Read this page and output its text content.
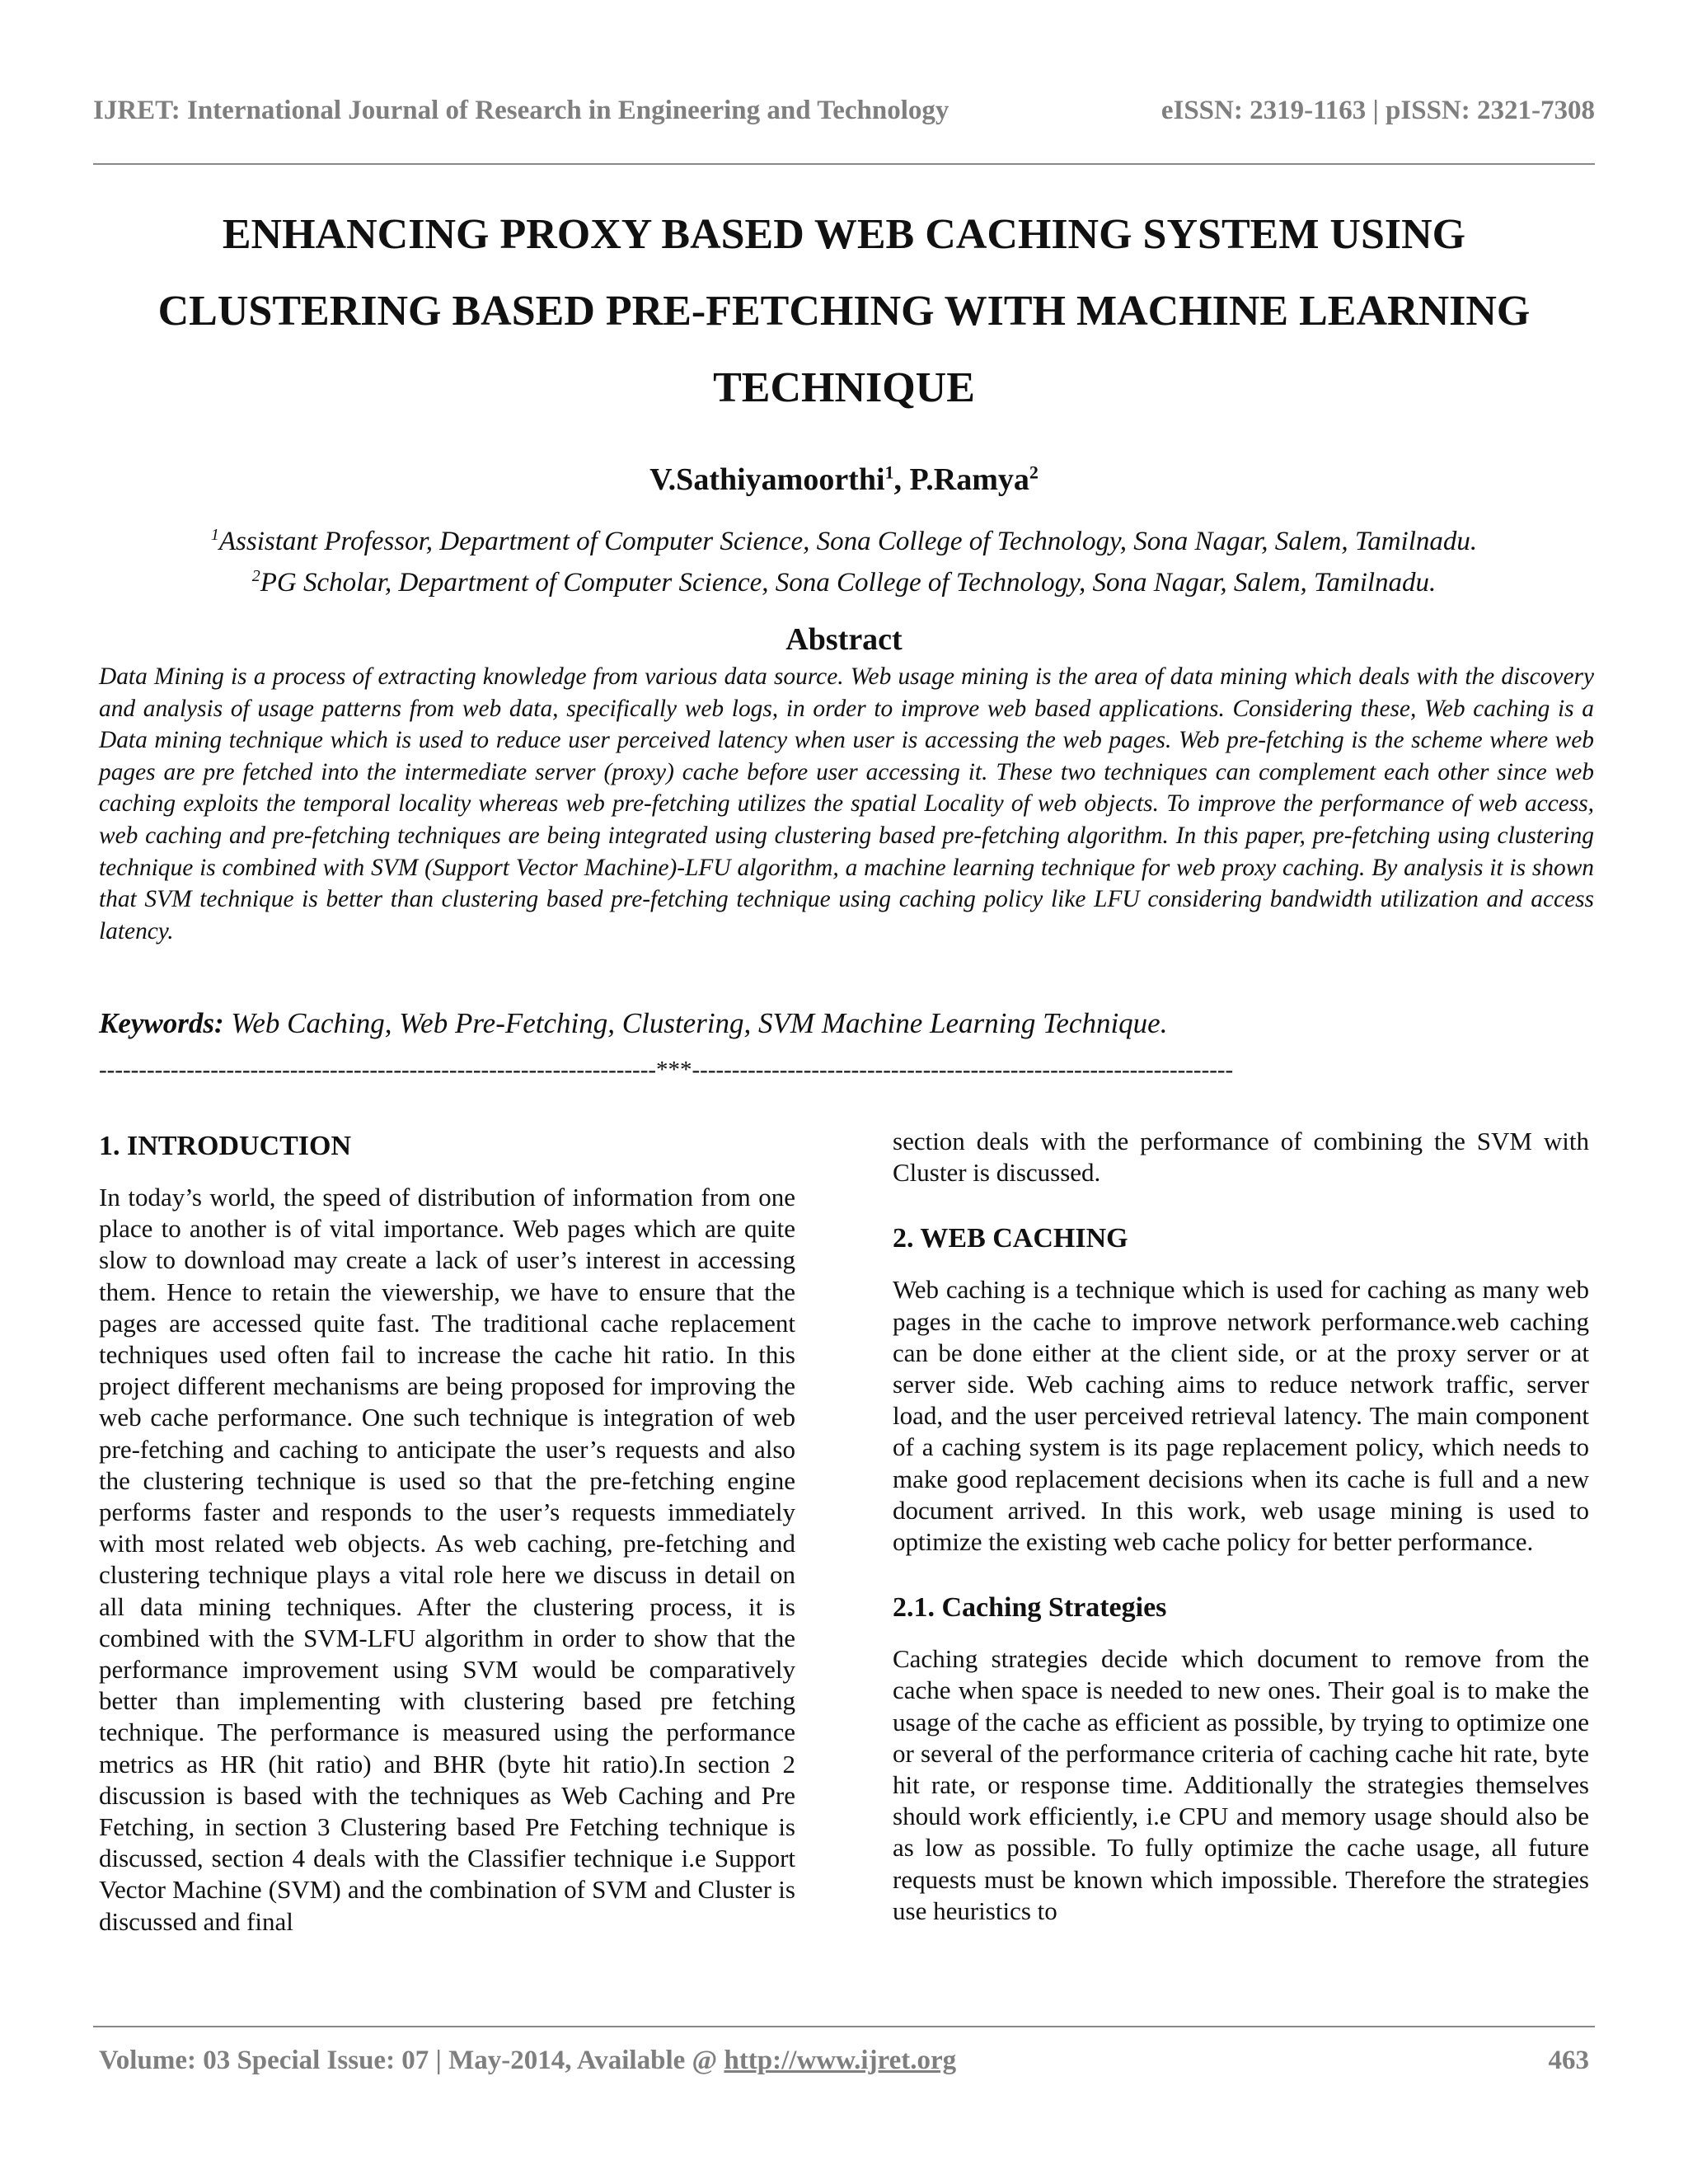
IJRET: International Journal of Research in Engineering and Technology	eISSN: 2319-1163 | pISSN: 2321-7308
ENHANCING PROXY BASED WEB CACHING SYSTEM USING
CLUSTERING BASED PRE-FETCHING WITH MACHINE LEARNING
TECHNIQUE
V.Sathiyamoorthi$^1$, P.Ramya$^2$
$^1$Assistant Professor, Department of Computer Science, Sona College of Technology, Sona Nagar, Salem, Tamilnadu.
$^2$PG Scholar, Department of Computer Science, Sona College of Technology, Sona Nagar, Salem, Tamilnadu.
Abstract
Data Mining is a process of extracting knowledge from various data source. Web usage mining is the area of data mining which deals with the discovery and analysis of usage patterns from web data, specifically web logs, in order to improve web based applications. Considering these, Web caching is a Data mining technique which is used to reduce user perceived latency when user is accessing the web pages. Web pre-fetching is the scheme where web pages are pre fetched into the intermediate server (proxy) cache before user accessing it. These two techniques can complement each other since web caching exploits the temporal locality whereas web pre-fetching utilizes the spatial Locality of web objects. To improve the performance of web access, web caching and pre-fetching techniques are being integrated using clustering based pre-fetching algorithm. In this paper, pre-fetching using clustering technique is combined with SVM (Support Vector Machine)-LFU algorithm, a machine learning technique for web proxy caching. By analysis it is shown that SVM technique is better than clustering based pre-fetching technique using caching policy like LFU considering bandwidth utilization and access latency.
Keywords: Web Caching, Web Pre-Fetching, Clustering, SVM Machine Learning Technique.
----------------------------------------------------------------------***--------------------------------------------------------------------
1. INTRODUCTION

In today’s world, the speed of distribution of information from one place to another is of vital importance. Web pages which are quite slow to download may create a lack of user’s interest in accessing them. Hence to retain the viewership, we have to ensure that the pages are accessed quite fast. The traditional cache replacement techniques used often fail to increase the cache hit ratio. In this project different mechanisms are being proposed for improving the web cache performance. One such technique is integration of web pre-fetching and caching to anticipate the user’s requests and also the clustering technique is used so that the pre-fetching engine performs faster and responds to the user’s requests immediately with most related web objects. As web caching, pre-fetching and clustering technique plays a vital role here we discuss in detail on all data mining techniques. After the clustering process, it is combined with the SVM-LFU algorithm in order to show that the performance improvement using SVM would be comparatively better than implementing with clustering based pre fetching technique. The performance is measured using the performance metrics as HR (hit ratio) and BHR (byte hit ratio).In section 2 discussion is based with the techniques as Web Caching and Pre Fetching, in section 3 Clustering based Pre Fetching technique is discussed, section 4 deals with the Classifier technique i.e Support Vector Machine (SVM) and the combination of SVM and Cluster is discussed and final

section deals with the performance of combining the SVM with Cluster is discussed.

2. WEB CACHING

Web caching is a technique which is used for caching as many web pages in the cache to improve network performance.web caching can be done either at the client side, or at the proxy server or at server side. Web caching aims to reduce network traffic, server load, and the user perceived retrieval latency. The main component of a caching system is its page replacement policy, which needs to make good replacement decisions when its cache is full and a new document arrived. In this work, web usage mining is used to optimize the existing web cache policy for better performance.

2.1. Caching Strategies

Caching strategies decide which document to remove from the cache when space is needed to new ones. Their goal is to make the usage of the cache as efficient as possible, by trying to optimize one or several of the performance criteria of caching cache hit rate, byte hit rate, or response time. Additionally the strategies themselves should work efficiently, i.e CPU and memory usage should also be as low as possible. To fully optimize the cache usage, all future requests must be known which impossible. Therefore the strategies use heuristics to

Volume: 03 Special Issue: 07 | May-2014, Available @ http://www.ijret.org	463
